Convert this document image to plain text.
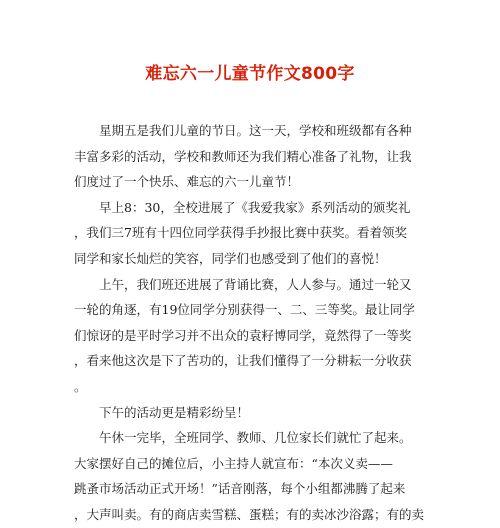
难忘六一儿童节作文800字
星期五是我们儿童的节日。这一天，学校和班级都有各种
丰富多彩的活动，学校和教师还为我们精心准备了礼物，让我
们度过了一个快乐、难忘的六一儿童节！
早上8：30，全校进展了《我爱我家》系列活动的颁奖礼
，我们三7班有十四位同学获得手抄报比赛中获奖。看着领奖
同学和家长灿烂的笑容，同学们也感受到了他们的喜悦！
上午，我们班还进展了背诵比赛，人人参与。通过一轮又
一轮的角逐，有19位同学分别获得一、二、三等奖。最让同学
们惊讶的是平时学习并不出众的袁籽博同学，竟然得了一等奖
，看来他这次是下了苦功的，让我们懂得了一分耕耘一分收获
。
下午的活动更是精彩纷呈！
午休一完毕，全班同学、教师、几位家长们就忙了起来。
大家摆好自己的摊位后，小主持人就宣布：“本次义卖——
跳蚤市场活动正式开场！”话音刚落，每个小组都沸腾了起来
，大声叫卖。有的商店卖雪糕、蛋糕；有的卖冰沙浴露；有的卖
